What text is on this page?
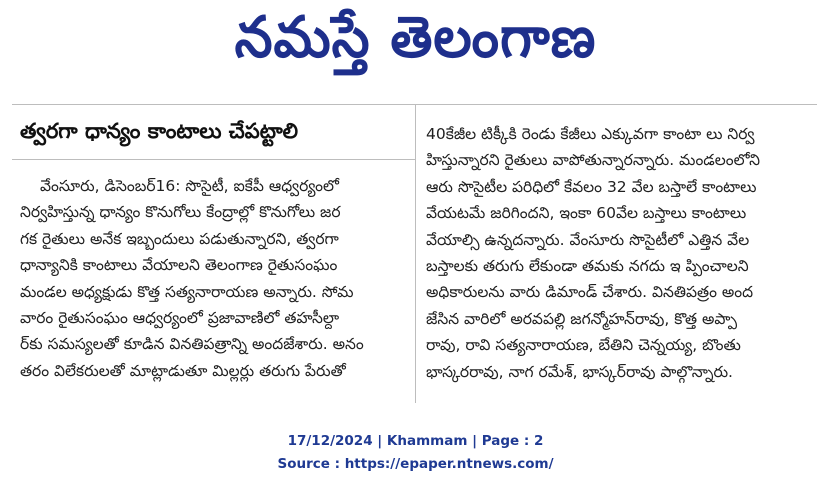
నమస్తే తెలంగాణ
త్వరగా ధాన్యం కాంటాలు చేపట్టాలి
వేంసూరు, డిసెంబర్16: సొసైటీ, ఐకేపీ ఆధ్వర్యంలో
నిర్వహిస్తున్న ధాన్యం కొనుగోలు కేంద్రాల్లో కొనుగోలు జర
గక రైతులు అనేక ఇబ్బందులు పడుతున్నారని, త్వరగా
ధాన్యానికి కాంటాలు వేయాలని తెలంగాణ రైతుసంఘం
మండల అధ్యక్షుడు కొత్త సత్యనారాయణ అన్నారు. సోమ
వారం రైతుసంఘం ఆధ్వర్యంలో ప్రజావాణిలో తహసీల్దా
ర్‌కు సమస్యలతో కూడిన వినతిపత్రాన్ని అందజేశారు. అనం
తరం విలేకరులతో మాట్లాడుతూ మిల్లర్లు తరుగు పేరుతో
40కేజీల టిక్కీకి రెండు కేజీలు ఎక్కువగా కాంటా లు నిర్వ
హిస్తున్నారని రైతులు వాపోతున్నారన్నారు. మండలంలోని
ఆరు సొసైటీల పరిధిలో కేవలం 32 వేల బస్తాలే కాంటాలు
వేయటమే జరిగిందని, ఇంకా 60వేల బస్తాలు కాంటాలు
వేయాల్సి ఉన్నదన్నారు. వేంసూరు సొసైటీలో ఎత్తిన వేల
బస్తాలకు తరుగు లేకుండా తమకు నగదు ఇ ప్పించాలని
అధికారులను వారు డిమాండ్ చేశారు. వినతిపత్రం అంద
జేసిన వారిలో అరవపల్లి జగన్మోహన్‌రావు, కొత్త అప్పా
రావు, రావి సత్యనారాయణ, బేతిని చెన్నయ్య, బొంతు
భాస్కరరావు, నాగ రమేశ్, భాస్కర్‌రావు పాల్గొన్నారు.
17/12/2024 | Khammam | Page : 2
Source : https://epaper.ntnews.com/
